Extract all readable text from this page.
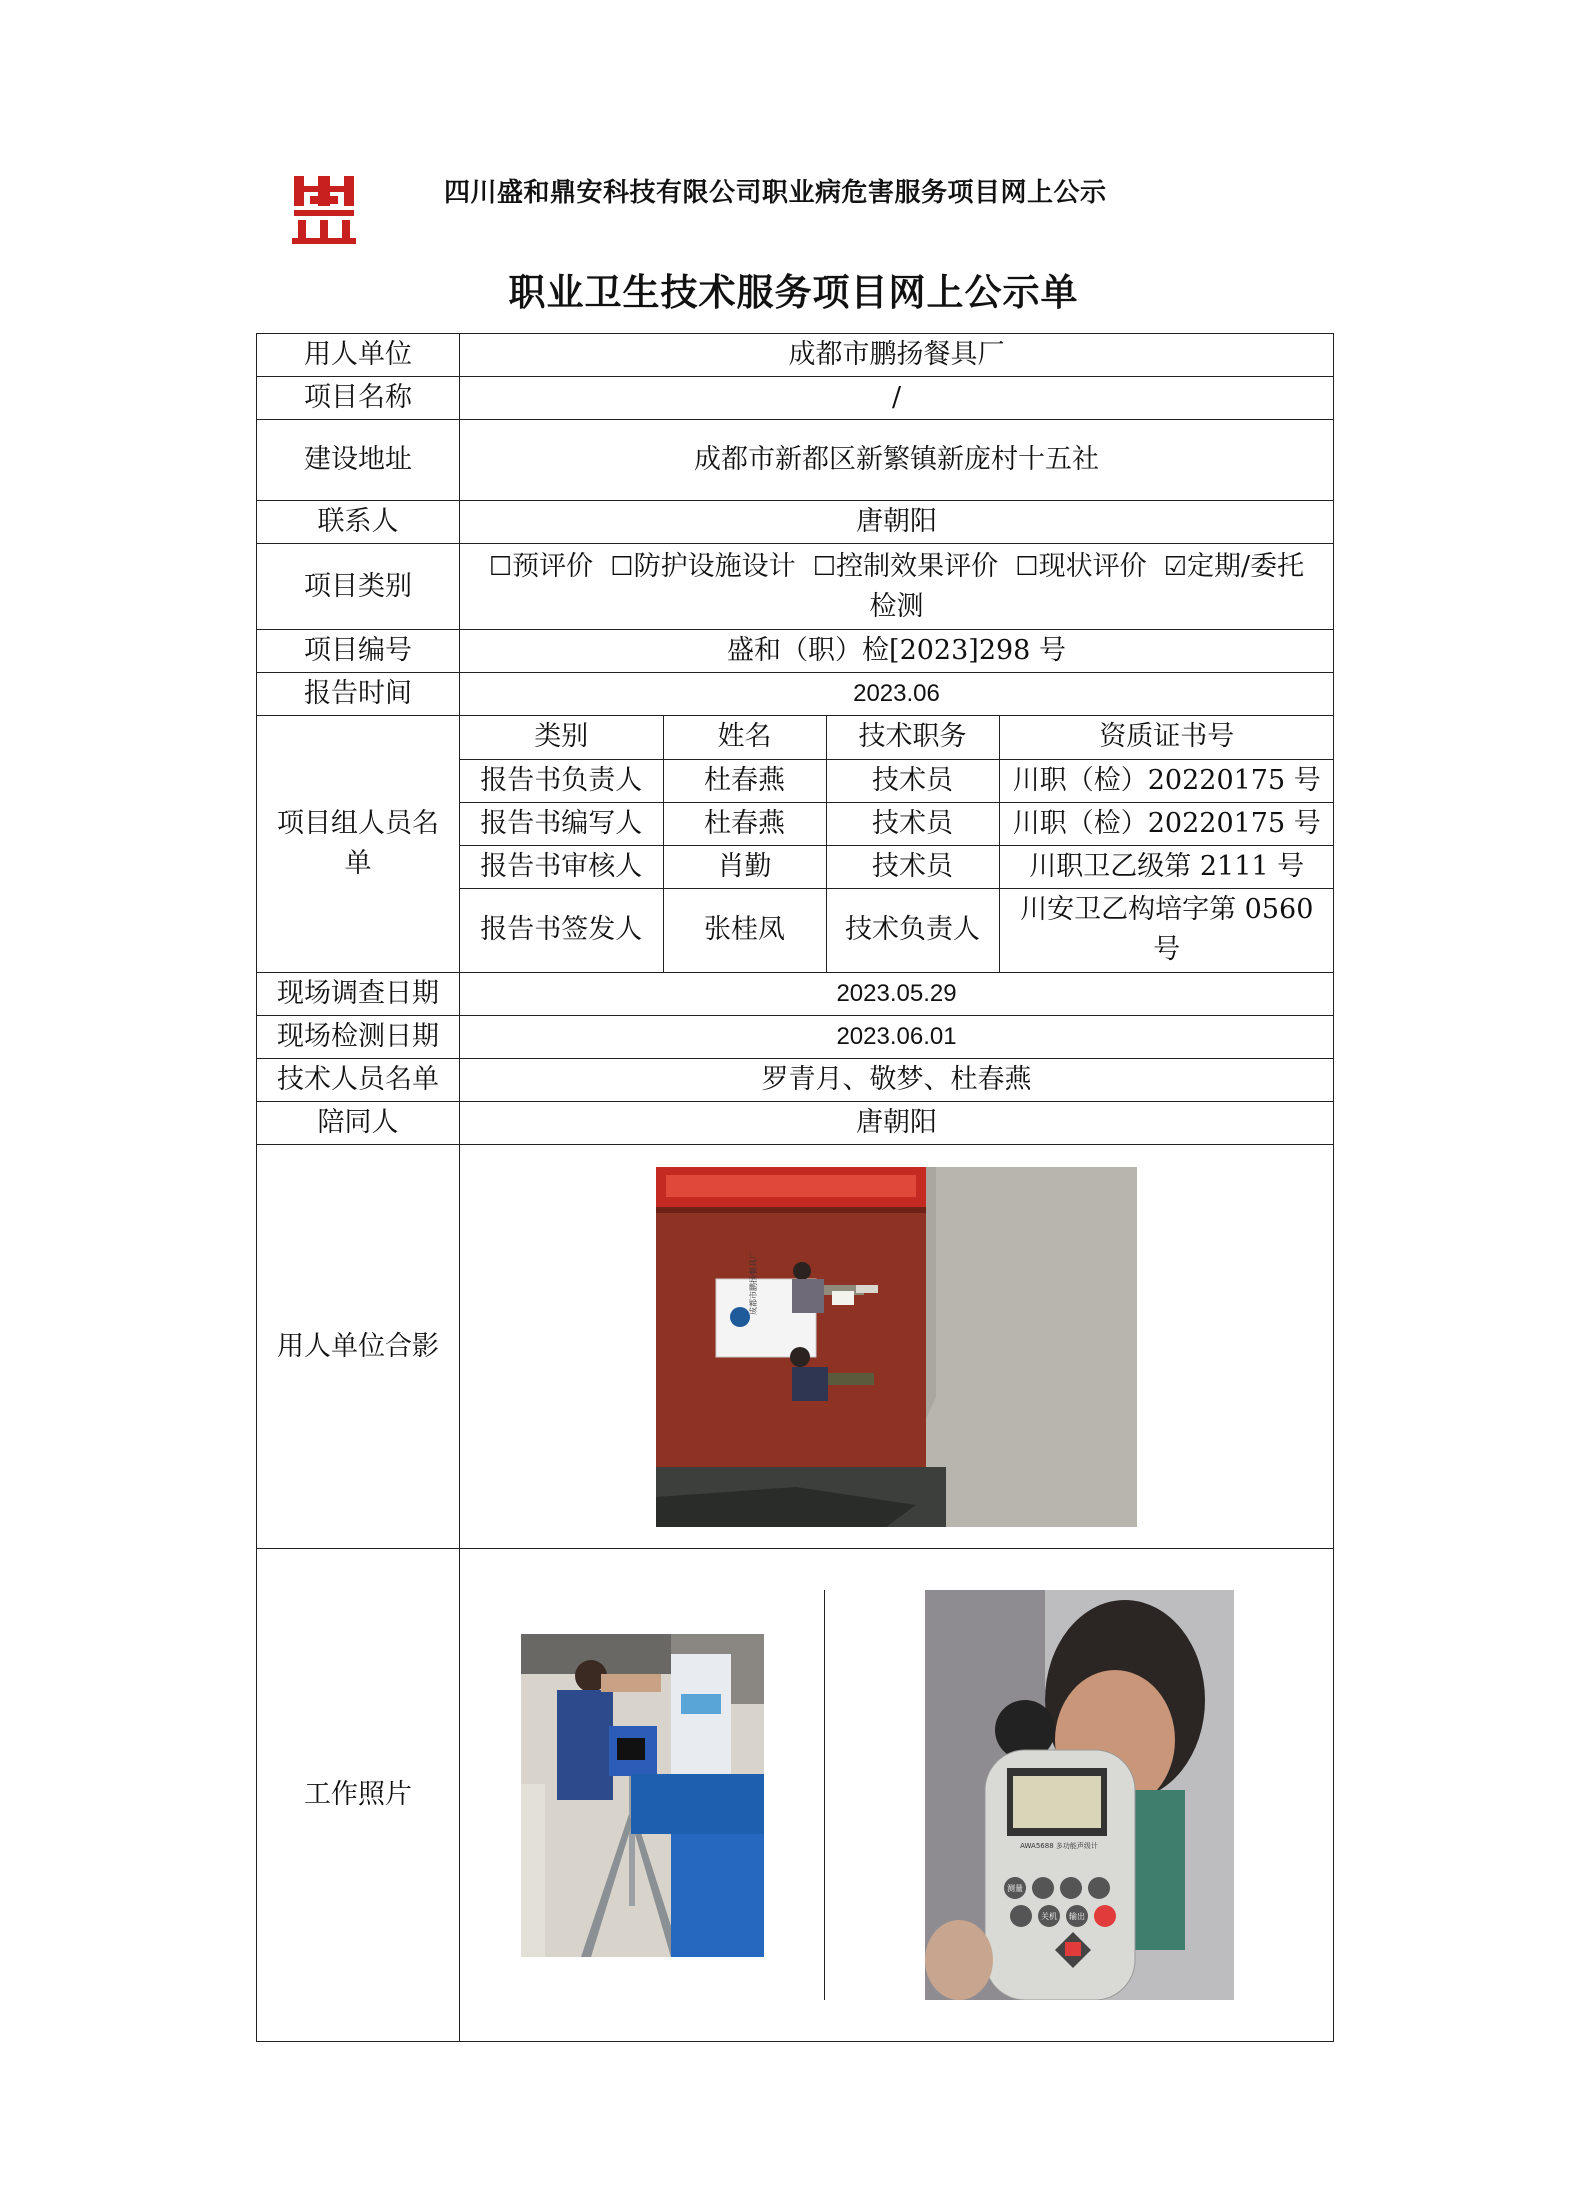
四川盛和鼎安科技有限公司职业病危害服务项目网上公示
职业卫生技术服务项目网上公示单
用人单位	成都市鹏扬餐具厂
项目名称	/
建设地址	成都市新都区新繁镇新庞村十五社
联系人	唐朝阳
项目类别	☐预评价 ☐防护设施设计 ☐控制效果评价 ☐现状评价 ☑定期/委托检测
项目编号	盛和（职）检[2023]298 号
报告时间	2023.06
项目组人员名单	
类别	姓名	技术职务	资质证书号
报告书负责人	杜春燕	技术员	川职（检）20220175 号
报告书编写人	杜春燕	技术员	川职（检）20220175 号
报告书审核人	肖勤	技术员	川职卫乙级第 2111 号
报告书签发人	张桂凤	技术负责人	川安卫乙构培字第 0560 号

现场调查日期	2023.05.29
现场检测日期	2023.06.01
技术人员名单	罗青月、敬梦、杜春燕
陪同人	唐朝阳
用人单位合影	
成都市鹏扬餐具厂

工作照片	
AWA5688 多功能声级计
测量
关机 输出
